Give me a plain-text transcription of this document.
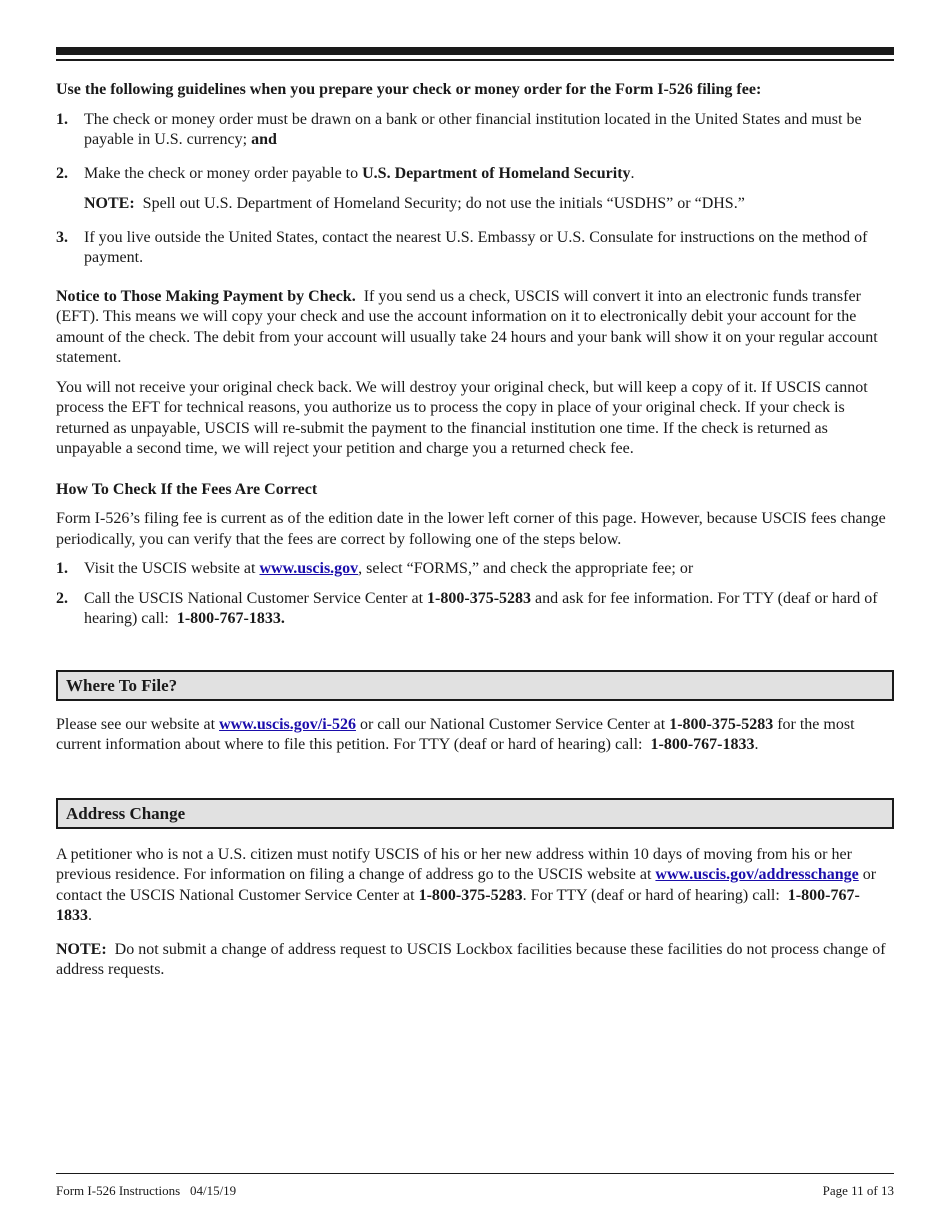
Use the following guidelines when you prepare your check or money order for the Form I-526 filing fee:

1. The check or money order must be drawn on a bank or other financial institution located in the United States and must be payable in U.S. currency; and
2. Make the check or money order payable to U.S. Department of Homeland Security.

NOTE: Spell out U.S. Department of Homeland Security; do not use the initials “USDHS” or “DHS.”

3. If you live outside the United States, contact the nearest U.S. Embassy or U.S. Consulate for instructions on the method of payment.

Notice to Those Making Payment by Check. If you send us a check, USCIS will convert it into an electronic funds transfer (EFT). This means we will copy your check and use the account information on it to electronically debit your account for the amount of the check. The debit from your account will usually take 24 hours and your bank will show it on your regular account statement.

You will not receive your original check back. We will destroy your original check, but will keep a copy of it. If USCIS cannot process the EFT for technical reasons, you authorize us to process the copy in place of your original check. If your check is returned as unpayable, USCIS will re-submit the payment to the financial institution one time. If the check is returned as unpayable a second time, we will reject your petition and charge you a returned check fee.

How To Check If the Fees Are Correct

Form I-526’s filing fee is current as of the edition date in the lower left corner of this page. However, because USCIS fees change periodically, you can verify that the fees are correct by following one of the steps below.

1. Visit the USCIS website at www.uscis.gov, select “FORMS,” and check the appropriate fee; or
2. Call the USCIS National Customer Service Center at 1-800-375-5283 and ask for fee information. For TTY (deaf or hard of hearing) call: 1-800-767-1833.
Where To File?

Please see our website at www.uscis.gov/i-526 or call our National Customer Service Center at 1-800-375-5283 for the most current information about where to file this petition. For TTY (deaf or hard of hearing) call: 1-800-767-1833.

Address Change

A petitioner who is not a U.S. citizen must notify USCIS of his or her new address within 10 days of moving from his or her previous residence. For information on filing a change of address go to the USCIS website at www.uscis.gov/addresschange or contact the USCIS National Customer Service Center at 1-800-375-5283. For TTY (deaf or hard of hearing) call: 1-800-767-1833.

NOTE: Do not submit a change of address request to USCIS Lockbox facilities because these facilities do not process change of address requests.

Form I-526 Instructions   04/15/19	Page 11 of 13
